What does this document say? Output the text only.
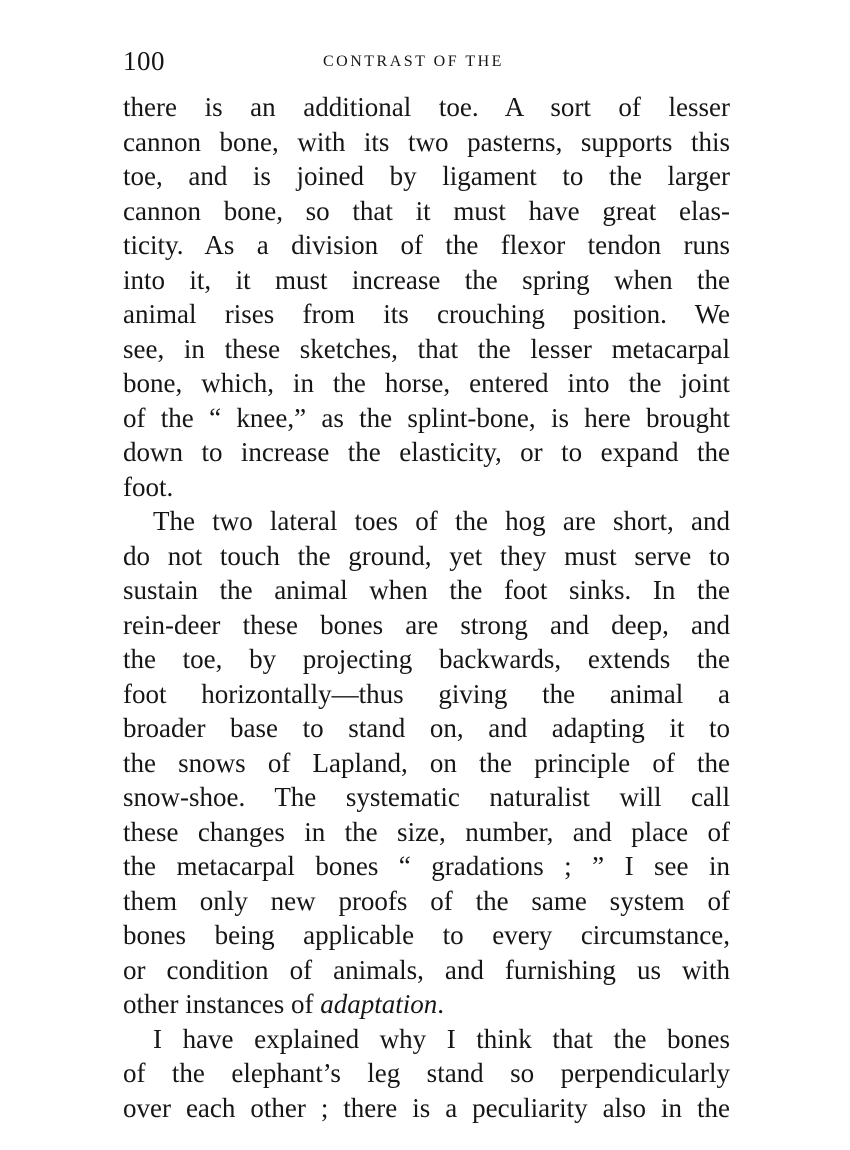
100	CONTRAST OF THE
there is an additional toe. A sort of lesser
cannon bone, with its two pasterns, supports this
toe, and is joined by ligament to the larger
cannon bone, so that it must have great elas-
ticity. As a division of the flexor tendon runs
into it, it must increase the spring when the
animal rises from its crouching position. We
see, in these sketches, that the lesser metacarpal
bone, which, in the horse, entered into the joint
of the “ knee,” as the splint-bone, is here brought
down to increase the elasticity, or to expand the
foot.
The two lateral toes of the hog are short, and
do not touch the ground, yet they must serve to
sustain the animal when the foot sinks. In the
rein-deer these bones are strong and deep, and
the toe, by projecting backwards, extends the
foot horizontally—thus giving the animal a
broader base to stand on, and adapting it to
the snows of Lapland, on the principle of the
snow-shoe. The systematic naturalist will call
these changes in the size, number, and place of
the metacarpal bones “ gradations ; ” I see in
them only new proofs of the same system of
bones being applicable to every circumstance,
or condition of animals, and furnishing us with
other instances of adaptation.
I have explained why I think that the bones
of the elephant’s leg stand so perpendicularly
over each other ; there is a peculiarity also in the
